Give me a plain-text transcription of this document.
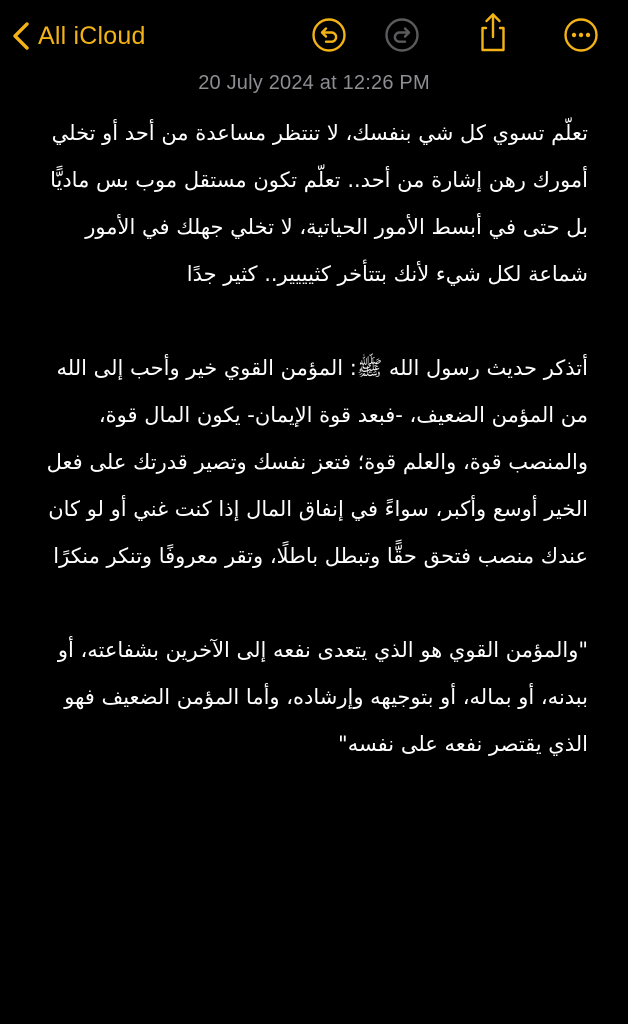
All iCloud
20 July 2024 at 12:26 PM

تعلّم تسوي كل شي بنفسك، لا تنتظر مساعدة من أحد أو تخلي أمورك رهن إشارة من أحد.. تعلّم تكون مستقل موب بس ماديًّا بل حتى في أبسط الأمور الحياتية، لا تخلي جهلك في الأمور شماعة لكل شيء لأنك بتتأخر كثيييير.. كثير جدًا

أتذكر حديث رسول الله ﷺ: المؤمن القوي خير وأحب إلى الله من المؤمن الضعيف، -فبعد قوة الإيمان- يكون المال قوة، والمنصب قوة، والعلم قوة؛ فتعز نفسك وتصير قدرتك على فعل الخير أوسع وأكبر، سواءً في إنفاق المال إذا كنت غني أو لو كان عندك منصب فتحق حقًّا وتبطل باطلًا، وتقر معروفًا وتنكر منكرًا

"والمؤمن القوي هو الذي يتعدى نفعه إلى الآخرين بشفاعته، أو ببدنه، أو بماله، أو بتوجيهه وإرشاده، وأما المؤمن الضعيف فهو الذي يقتصر نفعه على نفسه"
